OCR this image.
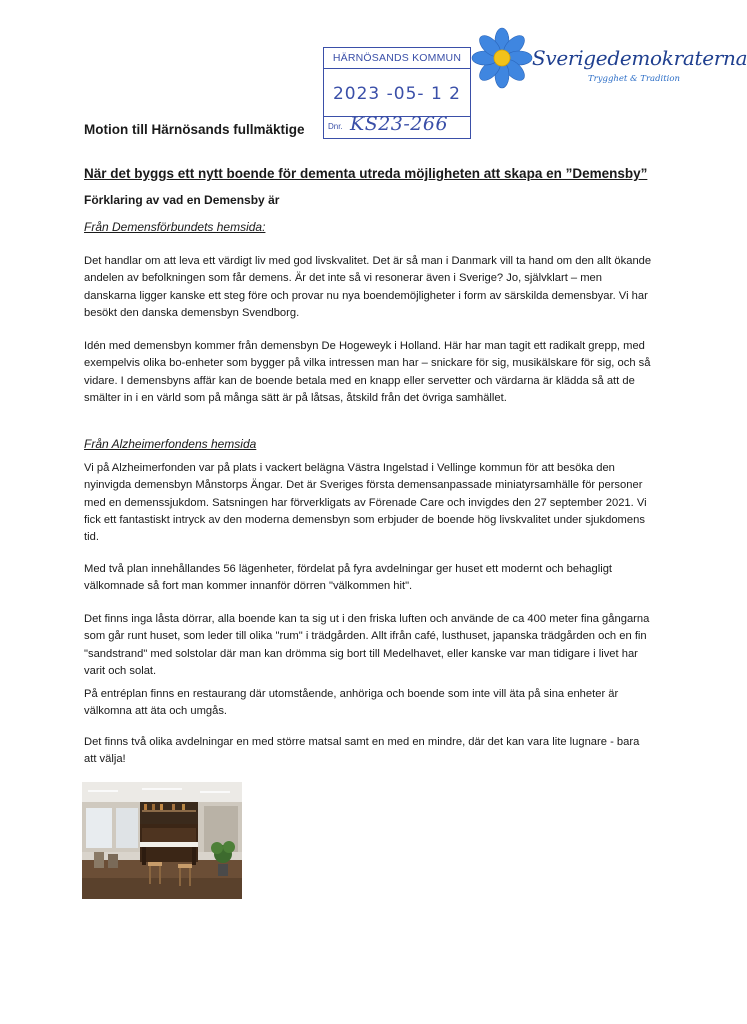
HÄRNÖSANDS KOMMUN
2023 -05- 1 2
Dnr. KS23-266
Sverigedemokraterna
Trygghet & Tradition
Motion till Härnösands fullmäktige
När det byggs ett nytt boende för dementa utreda möjligheten att skapa en ”Demensby”
Förklaring av vad en Demensby är
Från Demensförbundets hemsida:

Det handlar om att leva ett värdigt liv med god livskvalitet. Det är så man i Danmark vill ta hand om den allt ökande andelen av befolkningen som får demens. Är det inte så vi resonerar även i Sverige? Jo, självklart – men danskarna ligger kanske ett steg före och provar nu nya boendemöjligheter i form av särskilda demensbyar. Vi har besökt den danska demensbyn Svendborg.

Idén med demensbyn kommer från demensbyn De Hogeweyk i Holland. Här har man tagit ett radikalt grepp, med exempelvis olika bo-enheter som bygger på vilka intressen man har – snickare för sig, musikälskare för sig, och så vidare. I demensbyns affär kan de boende betala med en knapp eller servetter och värdarna är klädda så att de smälter in i en värld som på många sätt är på låtsas, åtskild från det övriga samhället.

Från Alzheimerfondens hemsida

Vi på Alzheimerfonden var på plats i vackert belägna Västra Ingelstad i Vellinge kommun för att besöka den nyinvigda demensbyn Månstorps Ängar. Det är Sveriges första demensanpassade miniatyrsamhälle för personer med en demenssjukdom. Satsningen har förverkligats av Förenade Care och invigdes den 27 september 2021. Vi fick ett fantastiskt intryck av den moderna demensbyn som erbjuder de boende hög livskvalitet under sjukdomens tid.

Med två plan innehållandes 56 lägenheter, fördelat på fyra avdelningar ger huset ett modernt och behagligt välkomnade så fort man kommer innanför dörren "välkommen hit".

Det finns inga låsta dörrar, alla boende kan ta sig ut i den friska luften och använde de ca 400 meter fina gångarna som går runt huset, som leder till olika "rum" i trädgården. Allt ifrån café, lusthuset, japanska trädgården och en fin "sandstrand" med solstolar där man kan drömma sig bort till Medelhavet, eller kanske var man tidigare i livet har varit och solat.

På entréplan finns en restaurang där utomstående, anhöriga och boende som inte vill äta på sina enheter är välkomna att äta och umgås.

Det finns två olika avdelningar en med större matsal samt en med en mindre, där det kan vara lite lugnare - bara att välja!
